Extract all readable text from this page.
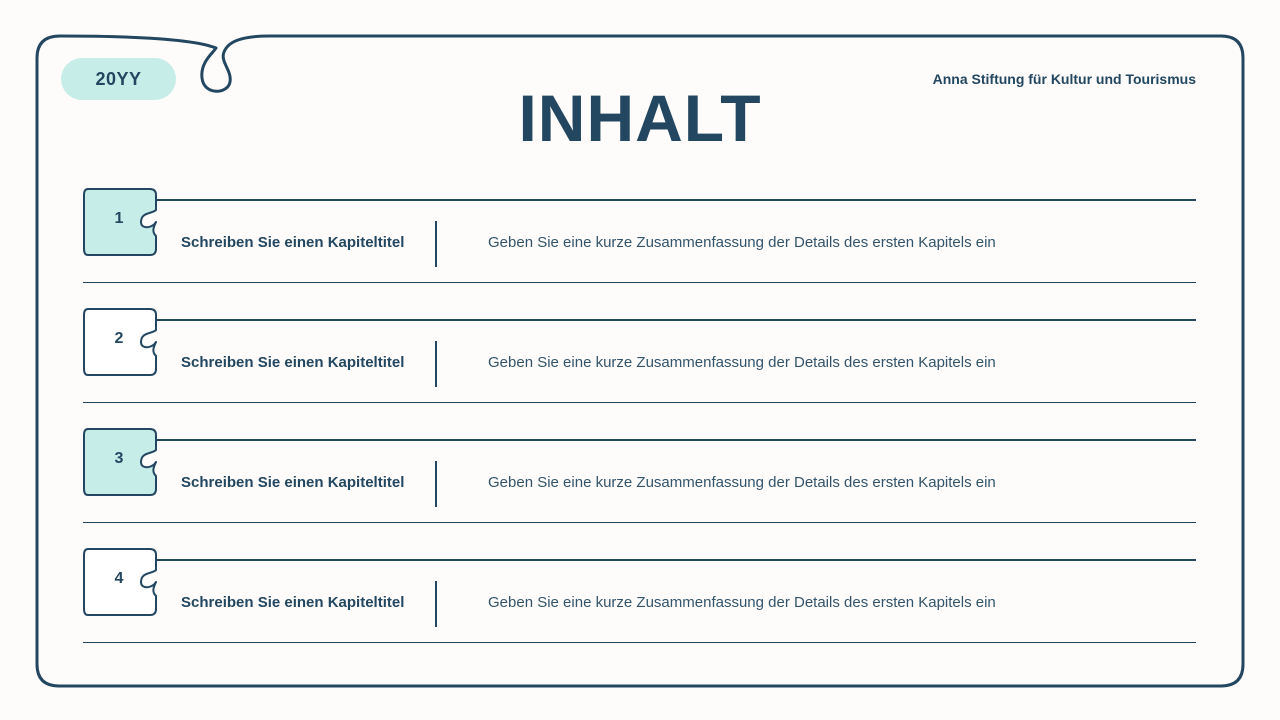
20YY	Anna Stiftung für Kultur und Tourismus
INHALT
1
Schreiben Sie einen Kapiteltitel	Geben Sie eine kurze Zusammenfassung der Details des ersten Kapitels ein
2
Schreiben Sie einen Kapiteltitel	Geben Sie eine kurze Zusammenfassung der Details des ersten Kapitels ein
3
Schreiben Sie einen Kapiteltitel	Geben Sie eine kurze Zusammenfassung der Details des ersten Kapitels ein
4
Schreiben Sie einen Kapiteltitel	Geben Sie eine kurze Zusammenfassung der Details des ersten Kapitels ein
